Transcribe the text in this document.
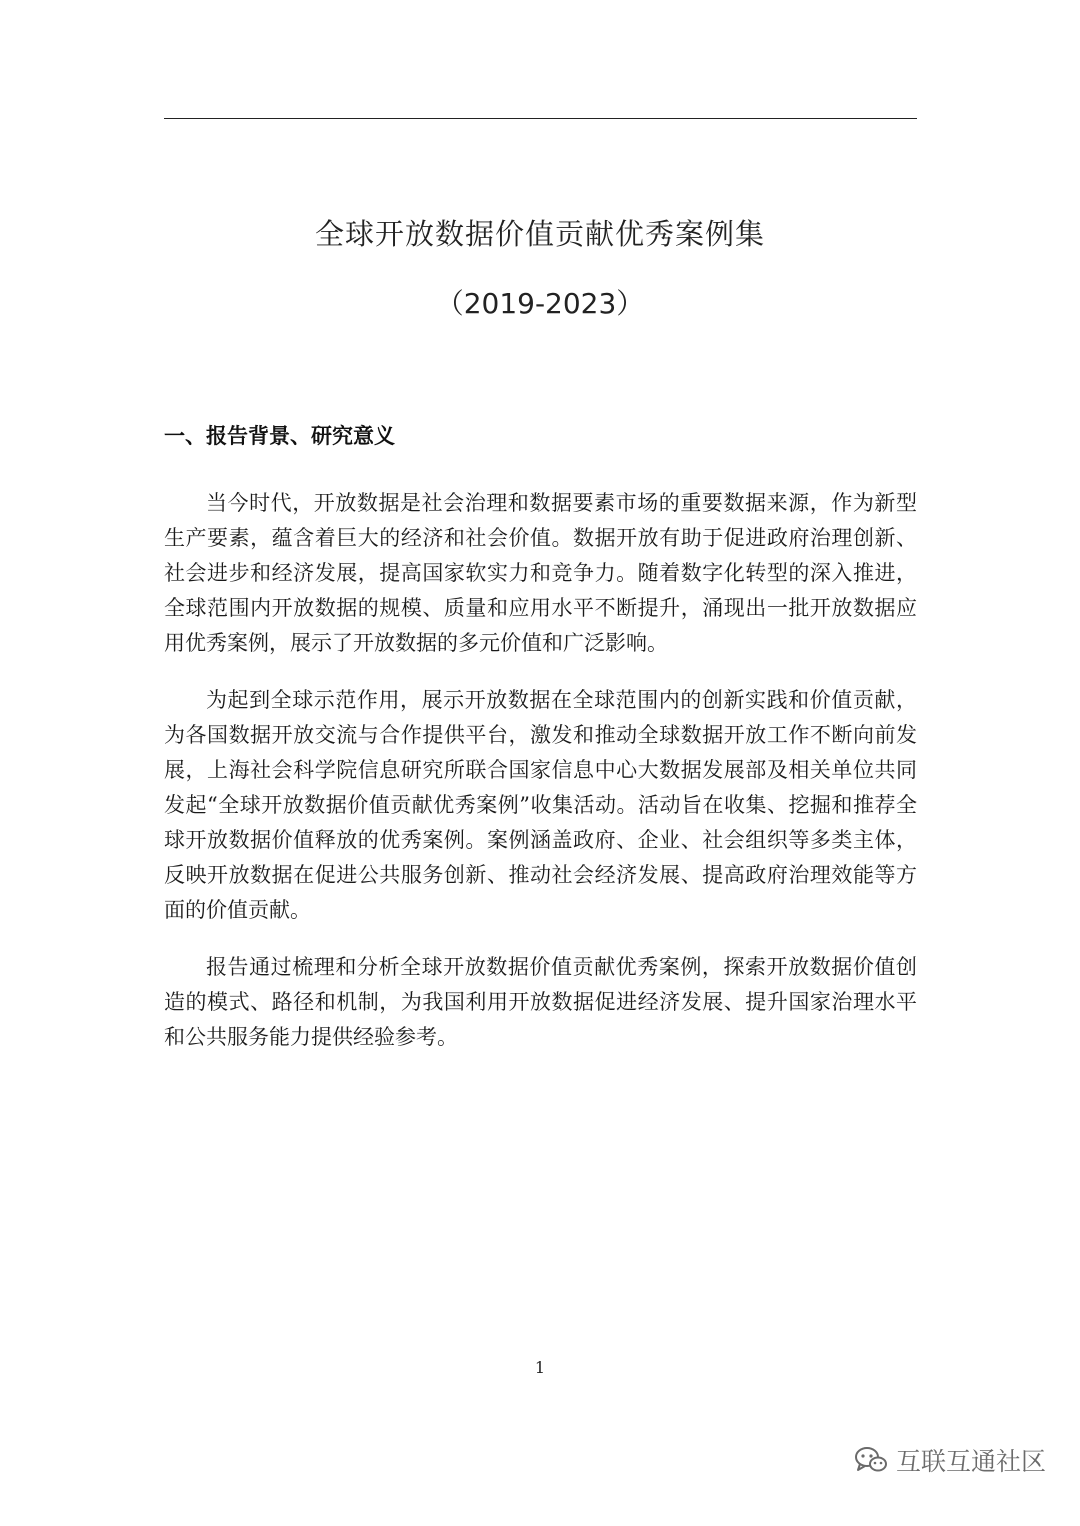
全球开放数据价值贡献优秀案例集
（2019-2023）
一、报告背景、研究意义

当今时代，开放数据是社会治理和数据要素市场的重要数据来源，作为新型生产要素，蕴含着巨大的经济和社会价值。数据开放有助于促进政府治理创新、社会进步和经济发展，提高国家软实力和竞争力。随着数字化转型的深入推进，全球范围内开放数据的规模、质量和应用水平不断提升，涌现出一批开放数据应用优秀案例，展示了开放数据的多元价值和广泛影响。

为起到全球示范作用，展示开放数据在全球范围内的创新实践和价值贡献，为各国数据开放交流与合作提供平台，激发和推动全球数据开放工作不断向前发展，上海社会科学院信息研究所联合国家信息中心大数据发展部及相关单位共同发起“全球开放数据价值贡献优秀案例”收集活动。活动旨在收集、挖掘和推荐全球开放数据价值释放的优秀案例。案例涵盖政府、企业、社会组织等多类主体，反映开放数据在促进公共服务创新、推动社会经济发展、提高政府治理效能等方面的价值贡献。

报告通过梳理和分析全球开放数据价值贡献优秀案例，探索开放数据价值创造的模式、路径和机制，为我国利用开放数据促进经济发展、提升国家治理水平和公共服务能力提供经验参考。

1
互联互通社区
